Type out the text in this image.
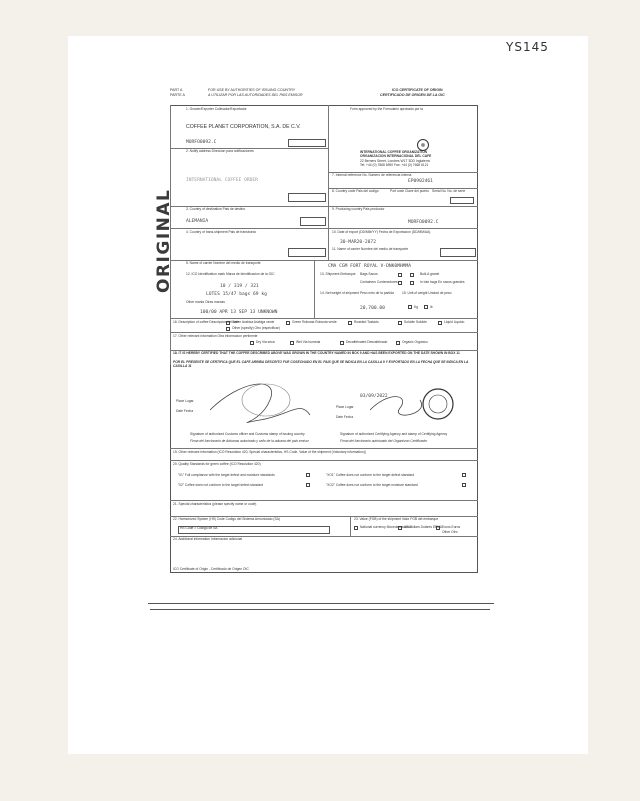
YS145
PART A
PARTE A
FOR USE BY AUTHORITIES OF ISSUING COUNTRY
A UTILIZAR POR LAS AUTORIDADES DEL PAIS EMISOR
ICO CERTIFICATE OF ORIGIN
CERTIFICADO DE ORIGEN DE LA OIC
ORIGINAL
1. Grower/Exporter Cultivador/Exportador
COFFEE PLANET CORPORATION, S.A. DE C.V.
MORFO0092.C
Form approved by the Formulario aprobado por la
INTERNATIONAL COFFEE ORGANIZATION
ORGANIZACION INTERNACIONAL DEL CAFE
22 Berners Street, Londres W1T 3DD Inglaterra
Tel: +44 (0) 7868 6590 Fax: +44 (0) 7668 6121
2. Notify address Direccion para notificaciones
INTERNATIONAL COFFEE ORDER
7. Internal reference No. Numero de referencia interna
EP0902461
8. Country code Pais del codigo	Port code Clave del puerto Serial No. No. de serie
3. Country of destination Pais de destino
ALEMANIA
9. Producing country Pais productor
MORFO0092.C
4. Country of trans-shipment Pais de transbordo	10. Date of export (DD/MM/YY) Fecha de Exportacion (DD/MM/AA)
30-MAR20-2072
11. Name of carrier Nombre del medio de transporte
5. Name of carrier Nombre del medio de transporte
CMA CGM FORT ROYAL V-DNK0MHMMA
12. ICO Identification mark Marca de identificacion de la OIC
10 / 319 / 321
LOTES 15/47 bags 69 kg
Other marks Otras marcas
100/00 APR 13 SEP 13 UNKNOWN
13. Shipment Embarque Bags Sacos	Bulk A granel
Containers Contenedores	In tote bags En sacos grandes
14. Net weight of shipment Peso neto de la partida
20,700.00
15. Unit of weight Unidad de peso
Kg	lb
16. Description of coffee Descripcion del cafe
Green Arabica Arabiga verde	Green Robusta Robusta verde	Roasted Tostado	Soluble Soluble	Liquid Liquido
Other (specify) Otro (especificar)
17. Other relevant information Otra informacion pertinente
Dry Via seca	Wet Via humeda	Decaffeinated Descafeinado	Organic Organico
18. IT IS HEREBY CERTIFIED THAT THE COFFEE DESCRIBED ABOVE WAS GROWN IN THE COUNTRY NAMED IN BOX 9 AND HAS BEEN EXPORTED ON THE DATE SHOWN IN BOX 11
POR EL PRESENTE SE CERTIFICA QUE EL CAFE ARRIBA DESCRITO FUE COSECHADO EN EL PAIS QUE SE INDICA EN LA CASILLA 9 Y EXPORTADO EN LA FECHA QUE SE INDICA EN LA CASILLA 11
Place Lugar
Date Fecha
Place Lugar
Date Fecha
03/09/2022
Signature of authorized Customs officer and Customs stamp of issuing country
Firma del funcionario de Aduanas autorizado y sello de la aduana del pais emisor
Signature of authorized Certifying Agency and stamp of Certifying Agency
Firma del funcionario autorizado del Organismo Certificador
19. Other relevant information (ICO Resolution 420, Special characteristics, HS Code, Value of the shipment (Voluntary information))
20. Quality Standards for green coffee (ICO Resolution 420)
"01" Full compliance with the target defect and moisture standards
"02" Coffee does not conform to the target defect standard
"XO1" Coffee does not conform to the target defect standard
"XO2" Coffee does not conform to the target moisture standard
21. Special characteristics (please specify name or code)
22. Harmonized System (HS) Code Codigo del Sistema Armonizado (SA)
HS Code = Codigo de SA
23. Value (FOB) of the shipment Valor FOB del embarque
National currency Moneda nacional
US Dollars Dolares EEUU Euros Euros
Other Otro
24. Additional information Informacion adicional
ICO Certificate of Origin - Certificado de Origen OIC
